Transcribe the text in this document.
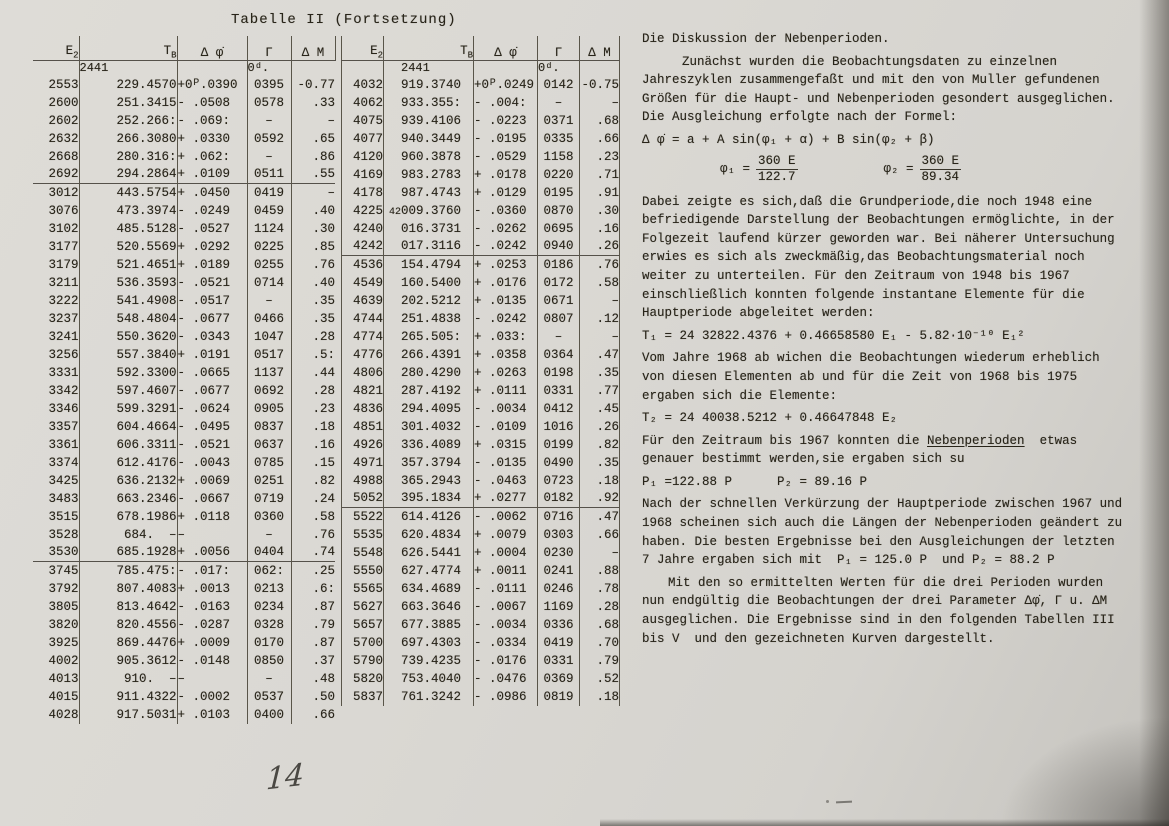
Tabelle II (Fortsetzung)
$E_2$	$T_B$	Δ φ̇	Γ	Δ M
	2441		0ᵈ.	
2553	229.4570	+0ᴾ.0390	0395	-0.77
2600	251.3415	- .0508	0578	.33
2602	252.266:	- .069:	–	–
2632	266.3080	+ .0330	0592	.65
2668	280.316:	+ .062:	–	.86
2692	294.2864	+ .0109	0511	.55
3012	443.5754	+ .0450	0419	–
3076	473.3974	- .0249	0459	.40
3102	485.5128	- .0527	1124	.30
3177	520.5569	+ .0292	0225	.85
3179	521.4651	+ .0189	0255	.76
3211	536.3593	- .0521	0714	.40
3222	541.4908	- .0517	–	.35
3237	548.4804	- .0677	0466	.35
3241	550.3620	- .0343	1047	.28
3256	557.3840	+ .0191	0517	.5:
3331	592.3300	- .0665	1137	.44
3342	597.4607	- .0677	0692	.28
3346	599.3291	- .0624	0905	.23
3357	604.4664	- .0495	0837	.18
3361	606.3311	- .0521	0637	.16
3374	612.4176	- .0043	0785	.15
3425	636.2132	+ .0069	0251	.82
3483	663.2346	- .0667	0719	.24
3515	678.1986	+ .0118	0360	.58
3528	684.  –	–	–	.76
3530	685.1928	+ .0056	0404	.74
3745	785.475:	- .017:	062:	.25
3792	807.4083	+ .0013	0213	.6:
3805	813.4642	- .0163	0234	.87
3820	820.4556	- .0287	0328	.79
3925	869.4476	+ .0009	0170	.87
4002	905.3612	- .0148	0850	.37
4013	910.  –	–	–	.48
4015	911.4322	- .0002	0537	.50
4028	917.5031	+ .0103	0400	.66
$E_2$	$T_B$	Δ φ̇	Γ	Δ M
	2441		0ᵈ.	
4032	919.3740	+0ᴾ.0249	0142	-0.75
4062	933.355:	- .004:	–	–
4075	939.4106	- .0223	0371	.68
4077	940.3449	- .0195	0335	.66
4120	960.3878	- .0529	1158	.23
4169	983.2783	+ .0178	0220	.71
4178	987.4743	+ .0129	0195	.91
4225	42009.3760	- .0360	0870	.30
4240	016.3731	- .0262	0695	.16
4242	017.3116	- .0242	0940	.26
4536	154.4794	+ .0253	0186	.76
4549	160.5400	+ .0176	0172	.58
4639	202.5212	+ .0135	0671	–
4744	251.4838	- .0242	0807	.12
4774	265.505:	+ .033:	–	–
4776	266.4391	+ .0358	0364	.47
4806	280.4290	+ .0263	0198	.35
4821	287.4192	+ .0111	0331	.77
4836	294.4095	- .0034	0412	.45
4851	301.4032	- .0109	1016	.26
4926	336.4089	+ .0315	0199	.82
4971	357.3794	- .0135	0490	.35
4988	365.2943	- .0463	0723	.18
5052	395.1834	+ .0277	0182	.92
5522	614.4126	- .0062	0716	.47
5535	620.4834	+ .0079	0303	.66
5548	626.5441	+ .0004	0230	–
5550	627.4774	+ .0011	0241	.88
5565	634.4689	- .0111	0246	.78
5627	663.3646	- .0067	1169	.28
5657	677.3885	- .0034	0336	.68
5700	697.4303	- .0334	0419	.70
5790	739.4235	- .0176	0331	.79
5820	753.4040	- .0476	0369	.52
5837	761.3242	- .0986	0819	.18

Die Diskussion der Nebenperioden.

Zunächst wurden die Beobachtungsdaten zu einzelnen Jahreszyklen zusammengefaßt und mit den von Muller gefundenen Größen für die Haupt- und Nebenperioden gesondert ausgeglichen. Die Ausgleichung erfolgte nach der Formel:

Δ φ̇ = a + A sin(φ₁ + α) + B sin(φ₂ + β)

$\varphi_1 = \frac{360 E}{122.7}$	$\varphi_2 = \frac{360 E}{89.34}$

Dabei zeigte es sich,daß die Grundperiode,die noch 1948 eine befriedigende Darstellung der Beobachtungen ermöglichte, in der Folgezeit laufend kürzer geworden war. Bei näherer Untersuchung erwies es sich als zweckmäßig,das Beobachtungsmaterial noch weiter zu unterteilen. Für den Zeitraum von 1948 bis 1967 einschließlich konnten folgende instantane Elemente für die Hauptperiode abgeleitet werden:

T₁ = 24 32822.4376 + 0.46658580 E₁ - 5.82·10⁻¹⁰ E₁²

Vom Jahre 1968 ab wichen die Beobachtungen wiederum erheblich von diesen Elementen ab und für die Zeit von 1968 bis 1975 ergaben sich die Elemente:

T₂ = 24 40038.5212 + 0.46647848 E₂

Für den Zeitraum bis 1967 konnten die Nebenperioden  etwas genauer bestimmt werden,sie ergaben sich su

P₁ =122.88 P      P₂ = 89.16 P

Nach der schnellen Verkürzung der Hauptperiode zwischen 1967 und 1968 scheinen sich auch die Längen der Nebenperioden geändert zu haben. Die besten Ergebnisse bei den Ausgleichungen der letzten 7 Jahre ergaben sich mit  P₁ = 125.0 P  und P₂ = 88.2 P

Mit den so ermittelten Werten für die drei Perioden wurden nun endgültig die Beobachtungen der drei Parameter Δφ̇, Γ u. ΔM ausgeglichen. Die Ergebnisse sind in den folgenden Tabellen III bis V  und den gezeichneten Kurven dargestellt.

14
